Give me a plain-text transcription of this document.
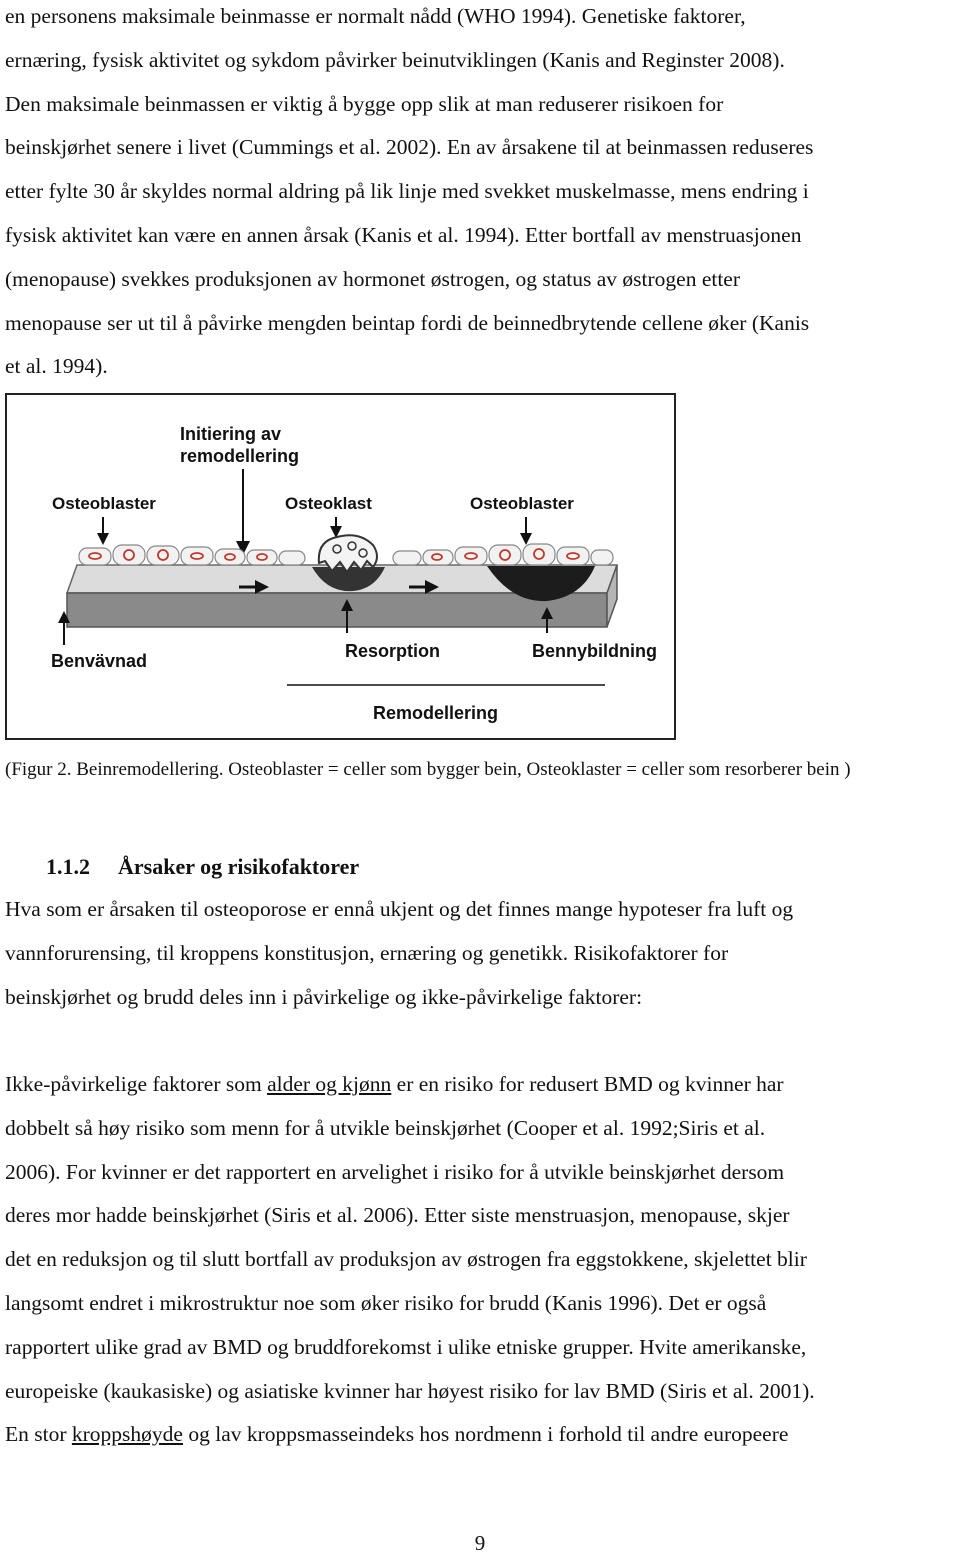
en personens maksimale beinmasse er normalt nådd (WHO 1994). Genetiske faktorer,
ernæring, fysisk aktivitet og sykdom påvirker beinutviklingen (Kanis and Reginster 2008).
Den maksimale beinmassen er viktig å bygge opp slik at man reduserer risikoen for
beinskjørhet senere i livet (Cummings et al. 2002). En av årsakene til at beinmassen reduseres
etter fylte 30 år skyldes normal aldring på lik linje med svekket muskelmasse, mens endring i
fysisk aktivitet kan være en annen årsak (Kanis et al. 1994). Etter bortfall av menstruasjonen
(menopause) svekkes produksjonen av hormonet østrogen, og status av østrogen etter
menopause ser ut til å påvirke mengden beintap fordi de beinnedbrytende cellene øker (Kanis
et al. 1994).
Initiering av
remodellering
Osteoblaster	Osteoklast	Osteoblaster
Benvävnad	Resorption	Bennybildning
Remodellering
(Figur 2. Beinremodellering. Osteoblaster = celler som bygger bein, Osteoklaster = celler som resorberer bein )
1.1.2 Årsaker og risikofaktorer
Hva som er årsaken til osteoporose er ennå ukjent og det finnes mange hypoteser fra luft og
vannforurensing, til kroppens konstitusjon, ernæring og genetikk. Risikofaktorer for
beinskjørhet og brudd deles inn i påvirkelige og ikke-påvirkelige faktorer:
Ikke-påvirkelige faktorer som alder og kjønn er en risiko for redusert BMD og kvinner har
dobbelt så høy risiko som menn for å utvikle beinskjørhet (Cooper et al. 1992;Siris et al.
2006). For kvinner er det rapportert en arvelighet i risiko for å utvikle beinskjørhet dersom
deres mor hadde beinskjørhet (Siris et al. 2006). Etter siste menstruasjon, menopause, skjer
det en reduksjon og til slutt bortfall av produksjon av østrogen fra eggstokkene, skjelettet blir
langsomt endret i mikrostruktur noe som øker risiko for brudd (Kanis 1996). Det er også
rapportert ulike grad av BMD og bruddforekomst i ulike etniske grupper. Hvite amerikanske,
europeiske (kaukasiske) og asiatiske kvinner har høyest risiko for lav BMD (Siris et al. 2001).
En stor kroppshøyde og lav kroppsmasseindeks hos nordmenn i forhold til andre europeere
9
